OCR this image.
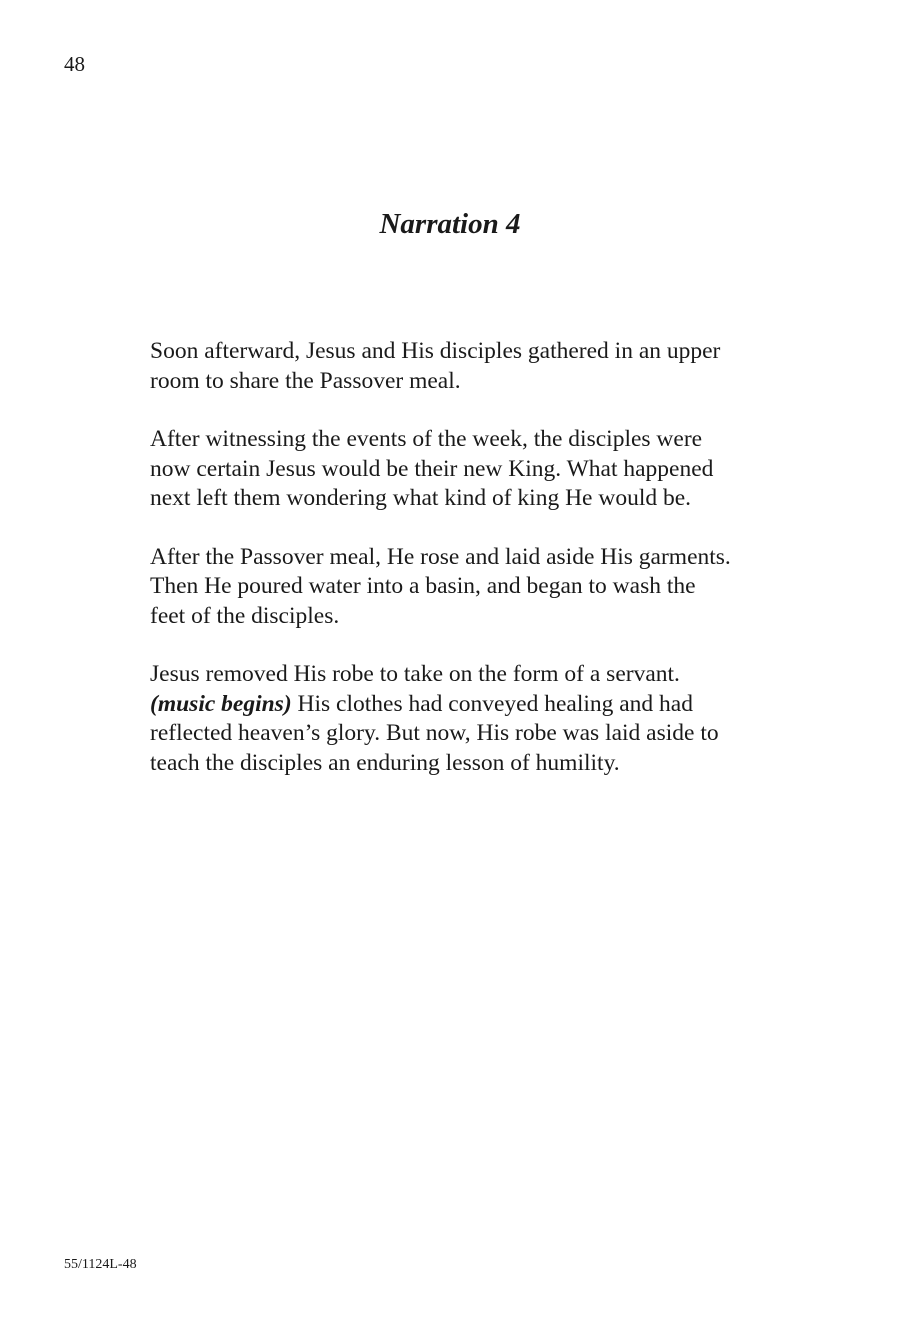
48
Narration 4

Soon afterward, Jesus and His disciples gathered in an upper
room to share the Passover meal.

After witnessing the events of the week, the disciples were
now certain Jesus would be their new King. What happened
next left them wondering what kind of king He would be.

After the Passover meal, He rose and laid aside His garments.
Then He poured water into a basin, and began to wash the
feet of the disciples.

Jesus removed His robe to take on the form of a servant.
(music begins) His clothes had conveyed healing and had
reflected heaven’s glory. But now, His robe was laid aside to
teach the disciples an enduring lesson of humility.

55/1124L-48
